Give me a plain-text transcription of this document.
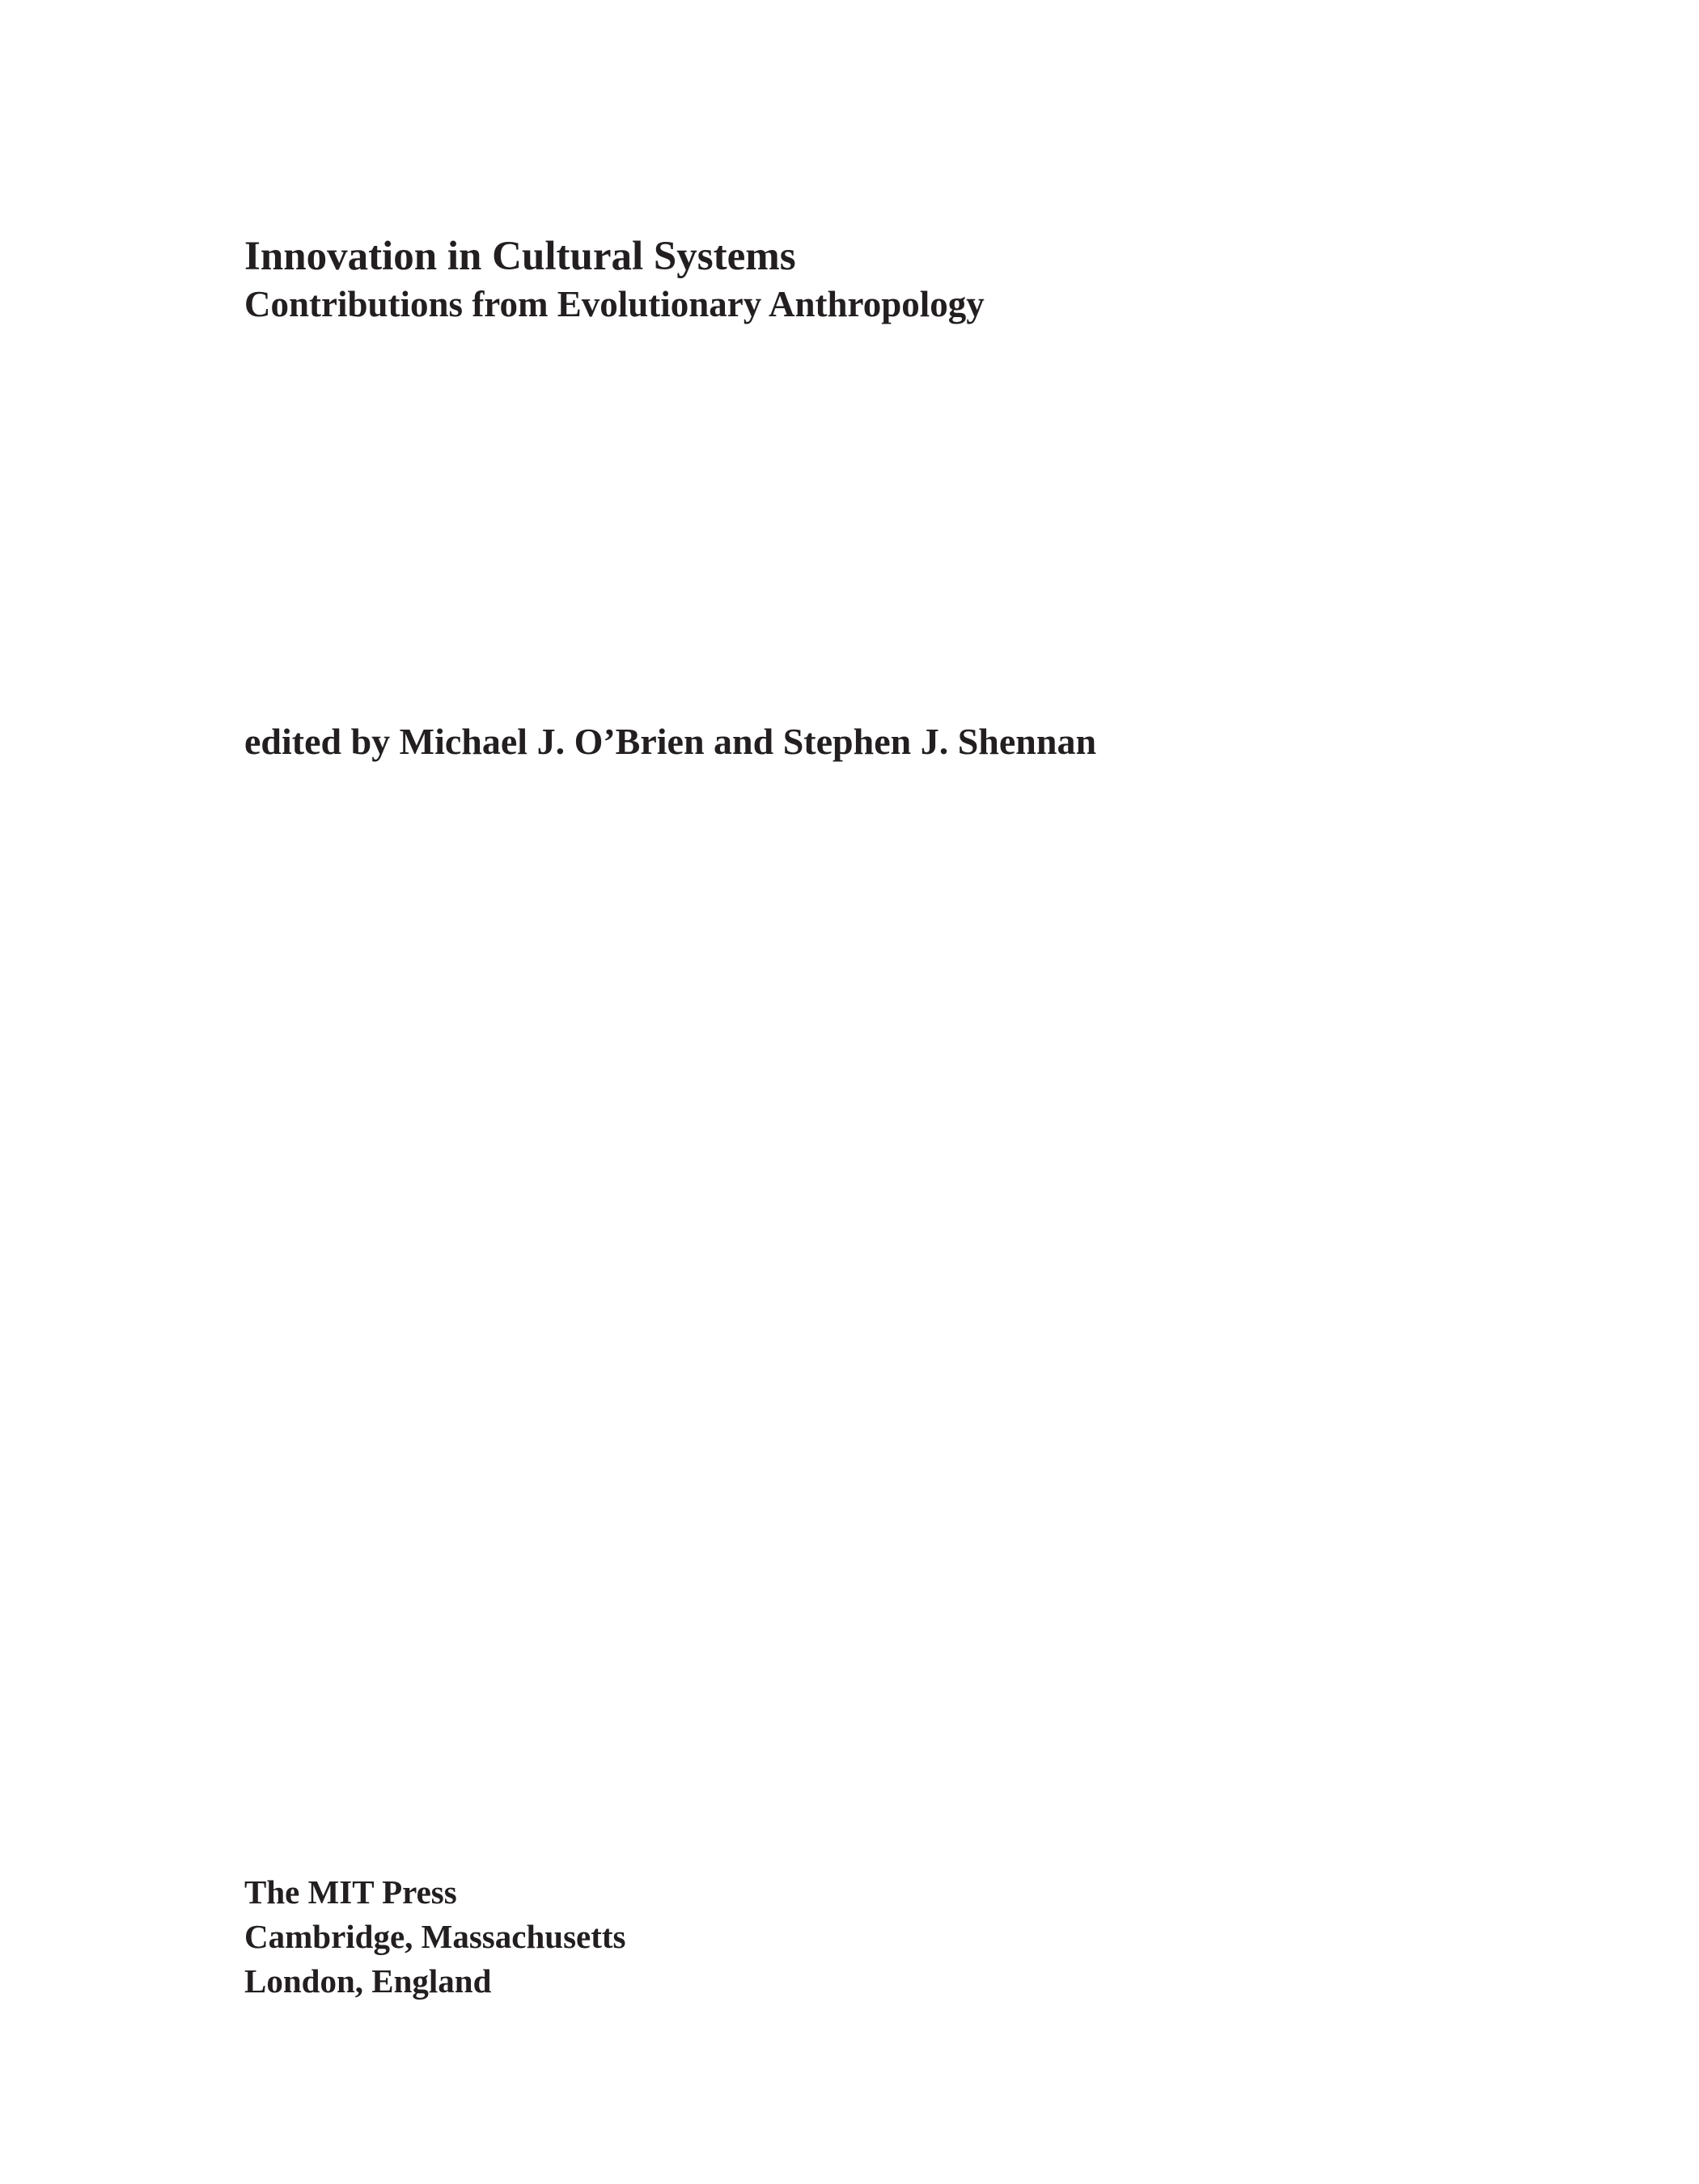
Innovation in Cultural Systems
Contributions from Evolutionary Anthropology
edited by Michael J. O’Brien and Stephen J. Shennan
The MIT Press
Cambridge, Massachusetts
London, England
